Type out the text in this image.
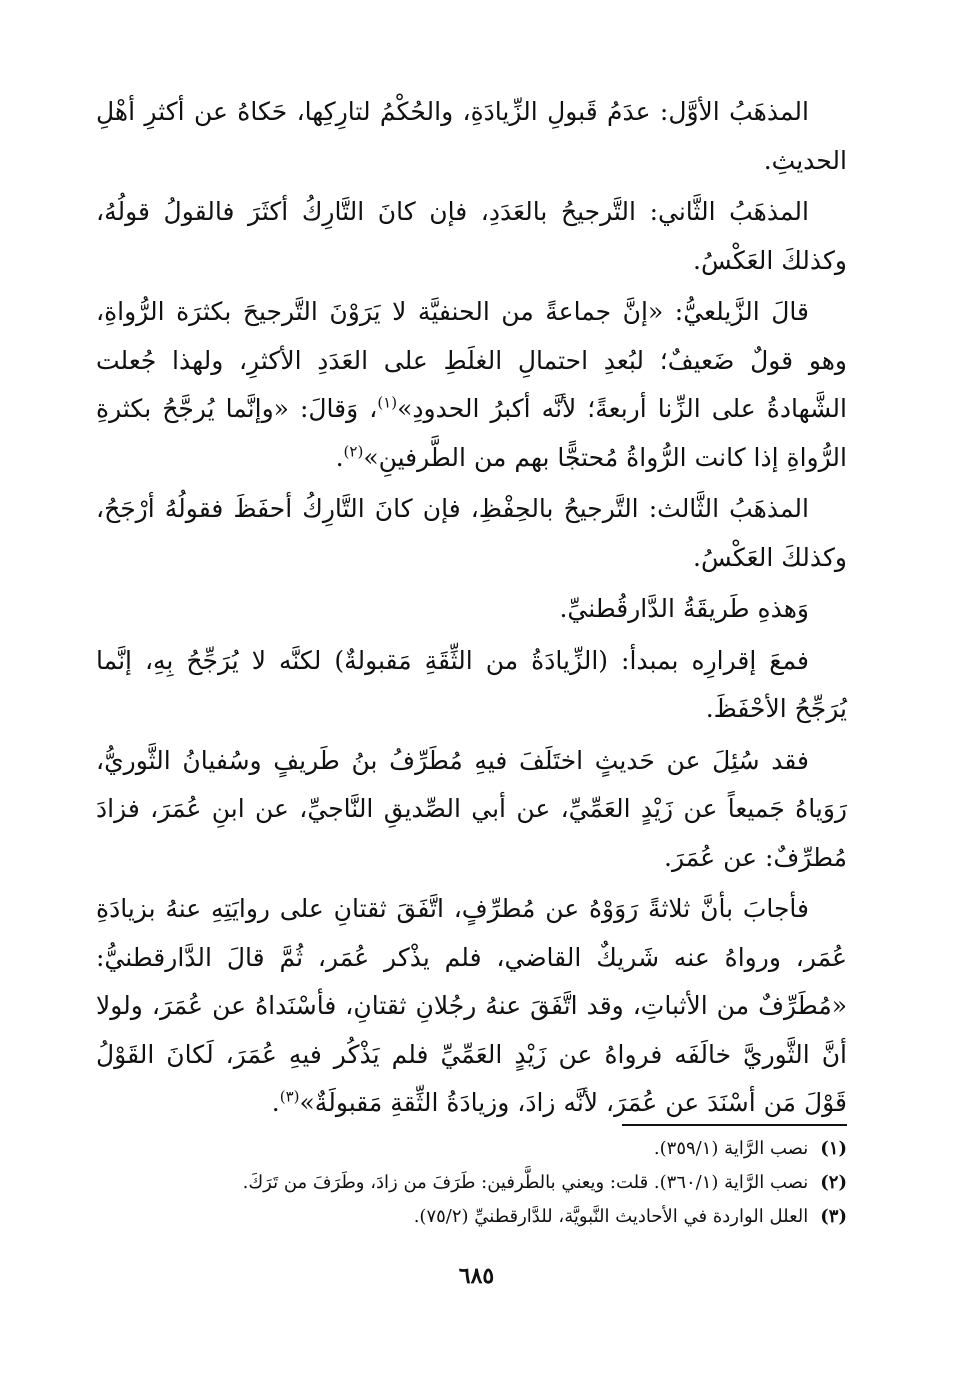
المذهَبُ الأوَّل: عدَمُ قَبولِ الزِّيادَةِ، والحُكْمُ لتارِكِها، حَكاهُ عن أكثرِ أهْلِ الحديثِ.

المذهَبُ الثَّاني: التَّرجيحُ بالعَدَدِ، فإن كانَ التَّارِكُ أكثَرَ فالقولُ قولُهُ، وكذلكَ العَكْسُ.

قالَ الزَّيلعيُّ: «إنَّ جماعةً من الحنفيَّة لا يَرَوْنَ التَّرجيحَ بكثرَة الرُّواةِ، وهو قولٌ ضَعيفٌ؛ لبُعدِ احتمالِ الغلَطِ على العَدَدِ الأكثرِ، ولهذا جُعلت الشَّهادةُ على الزِّنا أربعةً؛ لأنَّه أكبرُ الحدودِ»$^{(١)}$، وَقالَ: «وإنَّما يُرجَّحُ بكثرةِ الرُّواةِ إذا كانت الرُّواةُ مُحتجًّا بهم من الطَّرفينِ»$^{(٢)}$.

المذهَبُ الثَّالث: التَّرجيحُ بالحِفْظِ، فإن كانَ التَّارِكُ أحفَظَ فقولُهُ أرْجَحُ، وكذلكَ العَكْسُ.

وَهذهِ طَريقَةُ الدَّارقُطنيِّ.

فمعَ إقرارِه بمبدأ: (الزِّيادَةُ من الثِّقَةِ مَقبولةٌ) لكنَّه لا يُرَجِّحُ بِهِ، إنَّما يُرَجِّحُ الأحْفَظَ.

فقد سُئِلَ عن حَديثٍ اختَلَفَ فيهِ مُطَرِّفُ بنُ طَريفٍ وسُفيانُ الثَّوريُّ، رَوَياهُ جَميعاً عن زَيْدٍ العَمِّيِّ، عن أبي الصِّديقِ النَّاجيِّ، عن ابنِ عُمَرَ، فزادَ مُطرِّفٌ: عن عُمَرَ.

فأجابَ بأنَّ ثلاثةً رَوَوْهُ عن مُطرِّفٍ، اتَّفَقَ ثقتانِ على روايَتِهِ عنهُ بزيادَةِ عُمَر، ورواهُ عنه شَريكٌ القاضي، فلم يذْكر عُمَر، ثُمَّ قالَ الدَّارقطنيُّ: «مُطَرِّفٌ من الأثباتِ، وقد اتَّفَقَ عنهُ رجُلانِ ثقتانِ، فأسْنَداهُ عن عُمَرَ، ولولا أنَّ الثَّوريَّ خالَفَه فرواهُ عن زَيْدٍ العَمِّيِّ فلم يَذْكُر فيهِ عُمَرَ، لَكانَ القَوْلُ قَوْلَ مَن أسْنَدَ عن عُمَرَ، لأنَّه زادَ، وزيادَةُ الثِّقةِ مَقبولَةٌ»$^{(٣)}$.

(١)
نصب الرَّاية (٣٥٩/١).
(٢)
نصب الرَّاية (٣٦٠/١). قلت: ويعني بالطَّرفين: طَرَفَ من زادَ، وطَرَفَ من تَرَكَ.
(٣)
العلل الواردة في الأحاديث النَّبويَّة، للدَّارقطنيِّ (٧٥/٢).
٦٨٥
